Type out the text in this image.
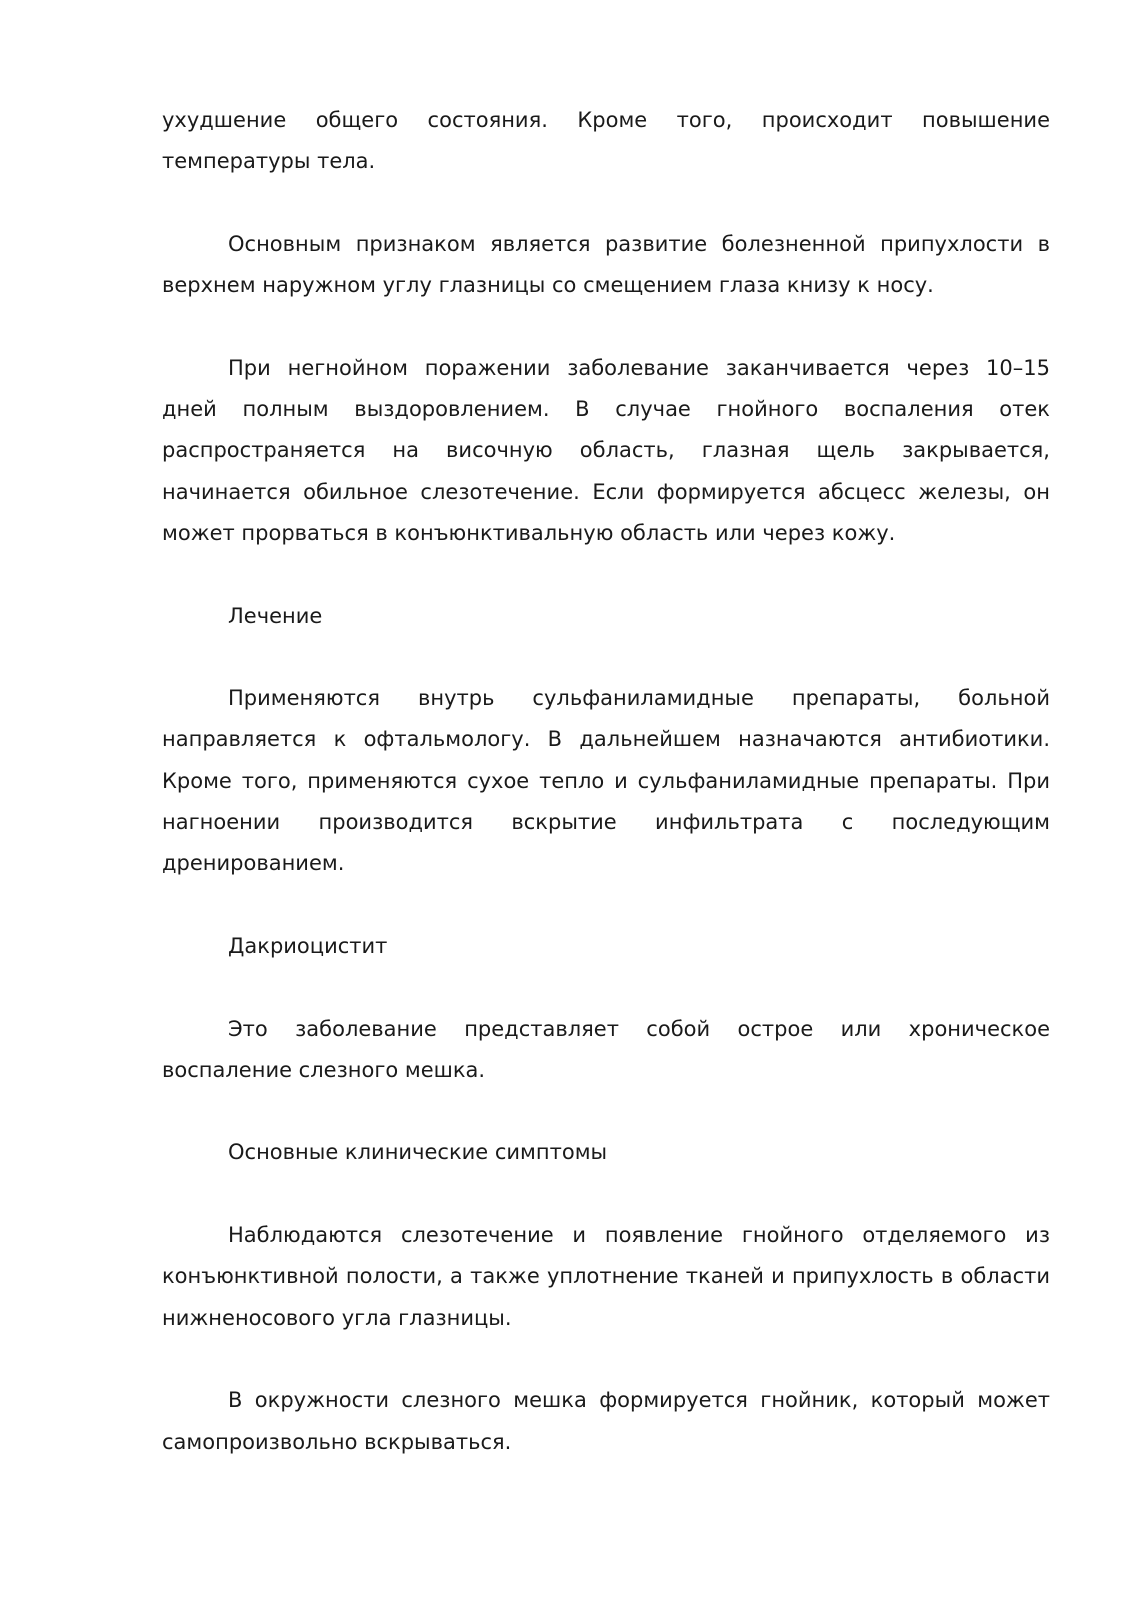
ухудшение общего состояния. Кроме того, происходит повышение температуры тела.

Основным признаком является развитие болезненной припухлости в верхнем наружном углу глазницы со смещением глаза книзу к носу.

При негнойном поражении заболевание заканчивается через 10–15 дней полным выздоровлением. В случае гнойного воспаления отек распространяется на височную область, глазная щель закрывается, начинается обильное слезотечение. Если формируется абсцесс железы, он может прорваться в конъюнктивальную область или через кожу.

Лечение

Применяются внутрь сульфаниламидные препараты, больной направляется к офтальмологу. В дальнейшем назначаются антибиотики. Кроме того, применяются сухое тепло и сульфаниламидные препараты. При нагноении производится вскрытие инфильтрата с последующим дренированием.

Дакриоцистит

Это заболевание представляет собой острое или хроническое воспаление слезного мешка.

Основные клинические симптомы

Наблюдаются слезотечение и появление гнойного отделяемого из конъюнктивной полости, а также уплотнение тканей и припухлость в области нижненосового угла глазницы.

В окружности слезного мешка формируется гнойник, который может самопроизвольно вскрываться.
